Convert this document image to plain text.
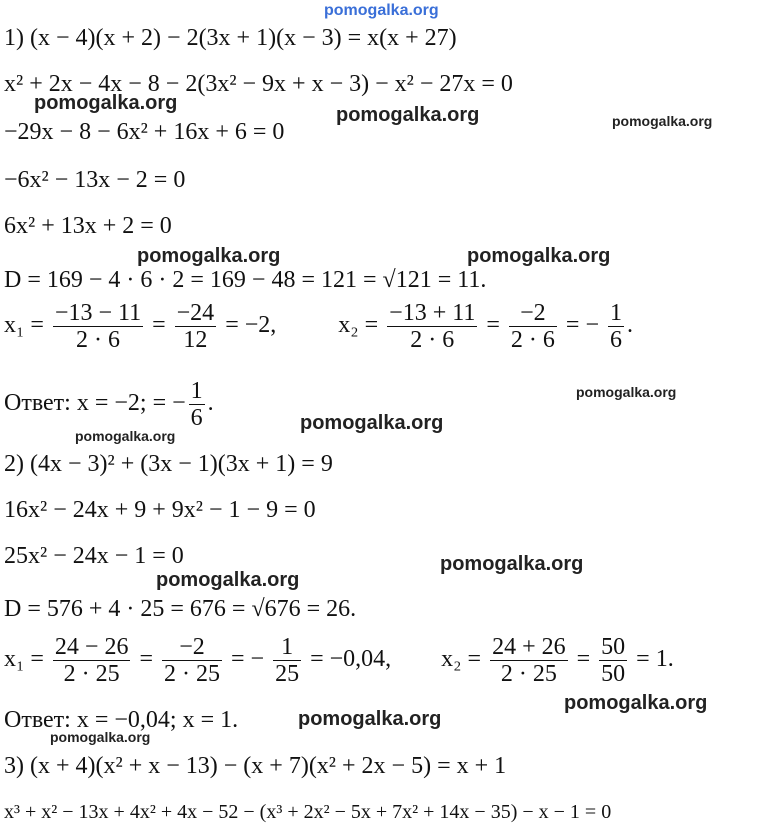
pomogalka.org
pomogalka.org
pomogalka.org	pomogalka.org
pomogalka.org	pomogalka.org
pomogalka.org
pomogalka.org
pomogalka.org
pomogalka.org
pomogalka.org
pomogalka.org
pomogalka.org
pomogalka.org
1) (x − 4)(x + 2) − 2(3x + 1)(x − 3) = x(x + 27)
x² + 2x − 4x − 8 − 2(3x² − 9x + x − 3) − x² − 27x = 0
−29x − 8 − 6x² + 16x + 6 = 0
−6x² − 13x − 2 = 0
6x² + 13x + 2 = 0
D = 169 − 4 · 6 · 2 = 169 − 48 = 121 = √121 = 11.
$x_1 = \frac{-13 - 11}{2 \cdot 6} = \frac{-24}{12} = -2$,	$x_2 = \frac{-13 + 11}{2 \cdot 6} = \frac{-2}{2 \cdot 6}$ = − $\frac{1}{6}$ .
Ответ: x = −2; = − $\frac{1}{6}$ .
2) (4x − 3)² + (3x − 1)(3x + 1) = 9
16x² − 24x + 9 + 9x² − 1 − 9 = 0
25x² − 24x − 1 = 0
D = 576 + 4 · 25 = 676 = √676 = 26.
$x_1 = \frac{24 - 26}{2 \cdot 25} = \frac{-2}{2 \cdot 25}$ = − $\frac{1}{25} = -0,04$, $x_2 = \frac{24 + 26}{2 \cdot 25} = \frac{50}{50} = 1$.
Ответ: x = −0,04; x = 1.
3) (x + 4)(x² + x − 13) − (x + 7)(x² + 2x − 5) = x + 1
x³ + x² − 13x + 4x² + 4x − 52 − (x³ + 2x² − 5x + 7x² + 14x − 35) − x − 1 = 0
